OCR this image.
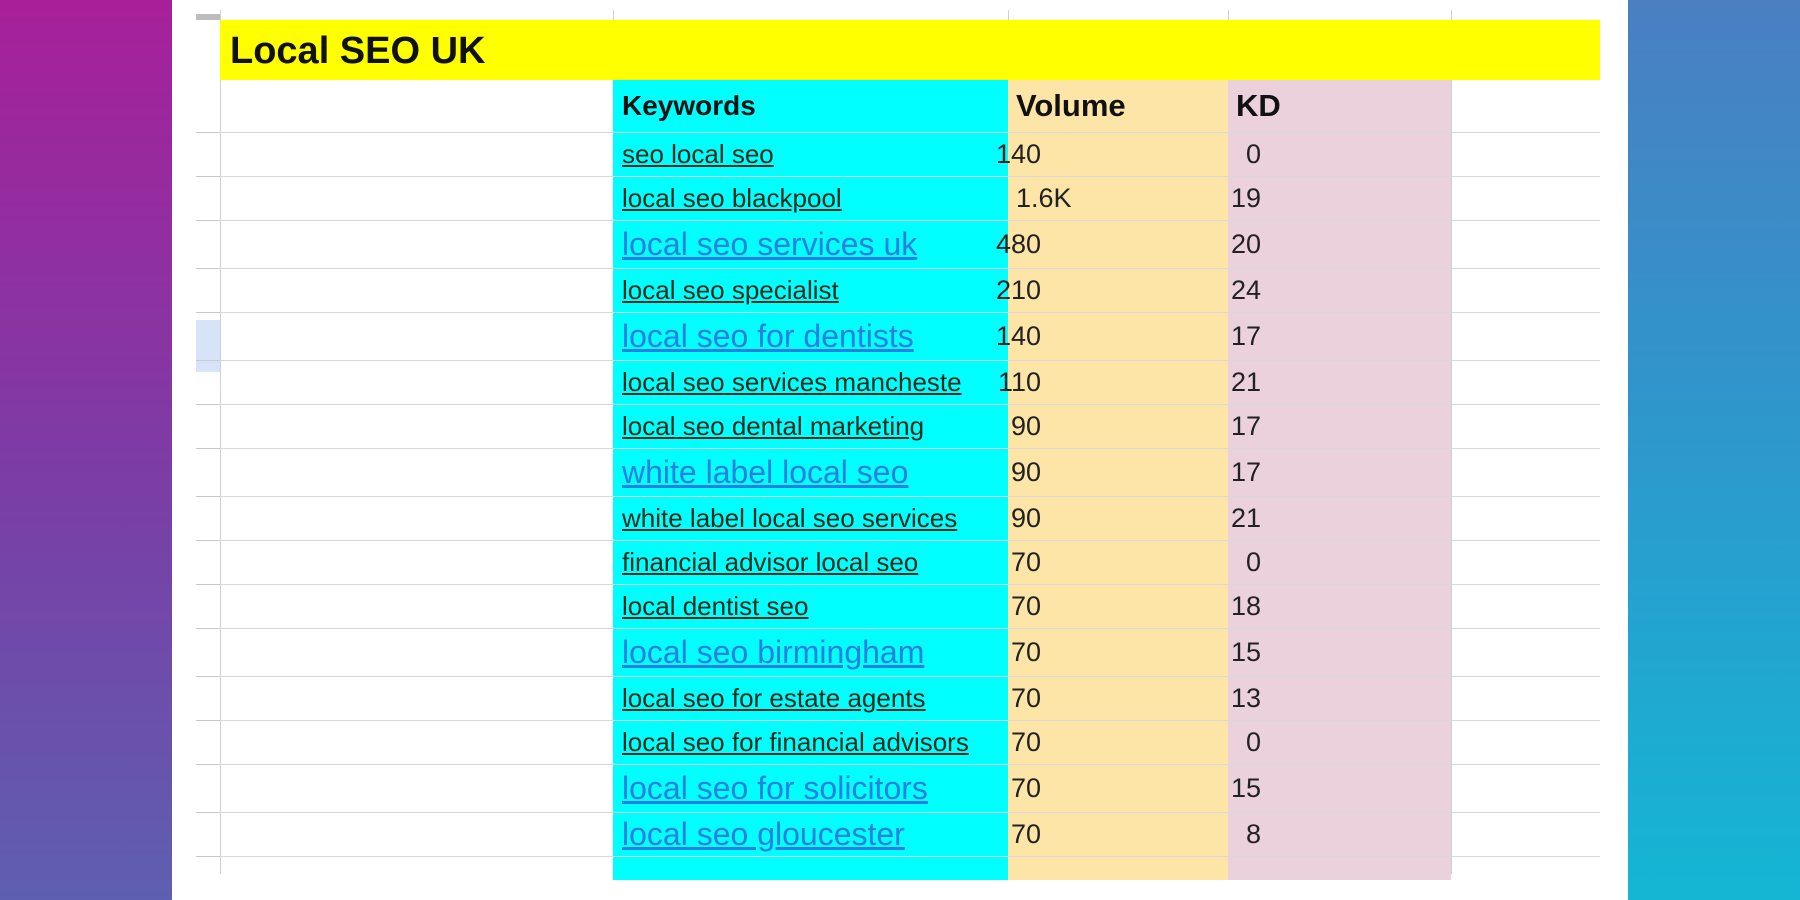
Local SEO UK
Keywords	Volume	KD
seo local seo	140	0
local seo blackpool	1.6K	19
local seo services uk	480	20
local seo specialist	210	24
local seo for dentists	140	17
local seo services mancheste	110	21
local seo dental marketing	90	17
white label local seo	90	17
white label local seo services	90	21
financial advisor local seo	70	0
local dentist seo	70	18
local seo birmingham	70	15
local seo for estate agents	70	13
local seo for financial advisors	70	0
local seo for solicitors	70	15
local seo gloucester	70	8
